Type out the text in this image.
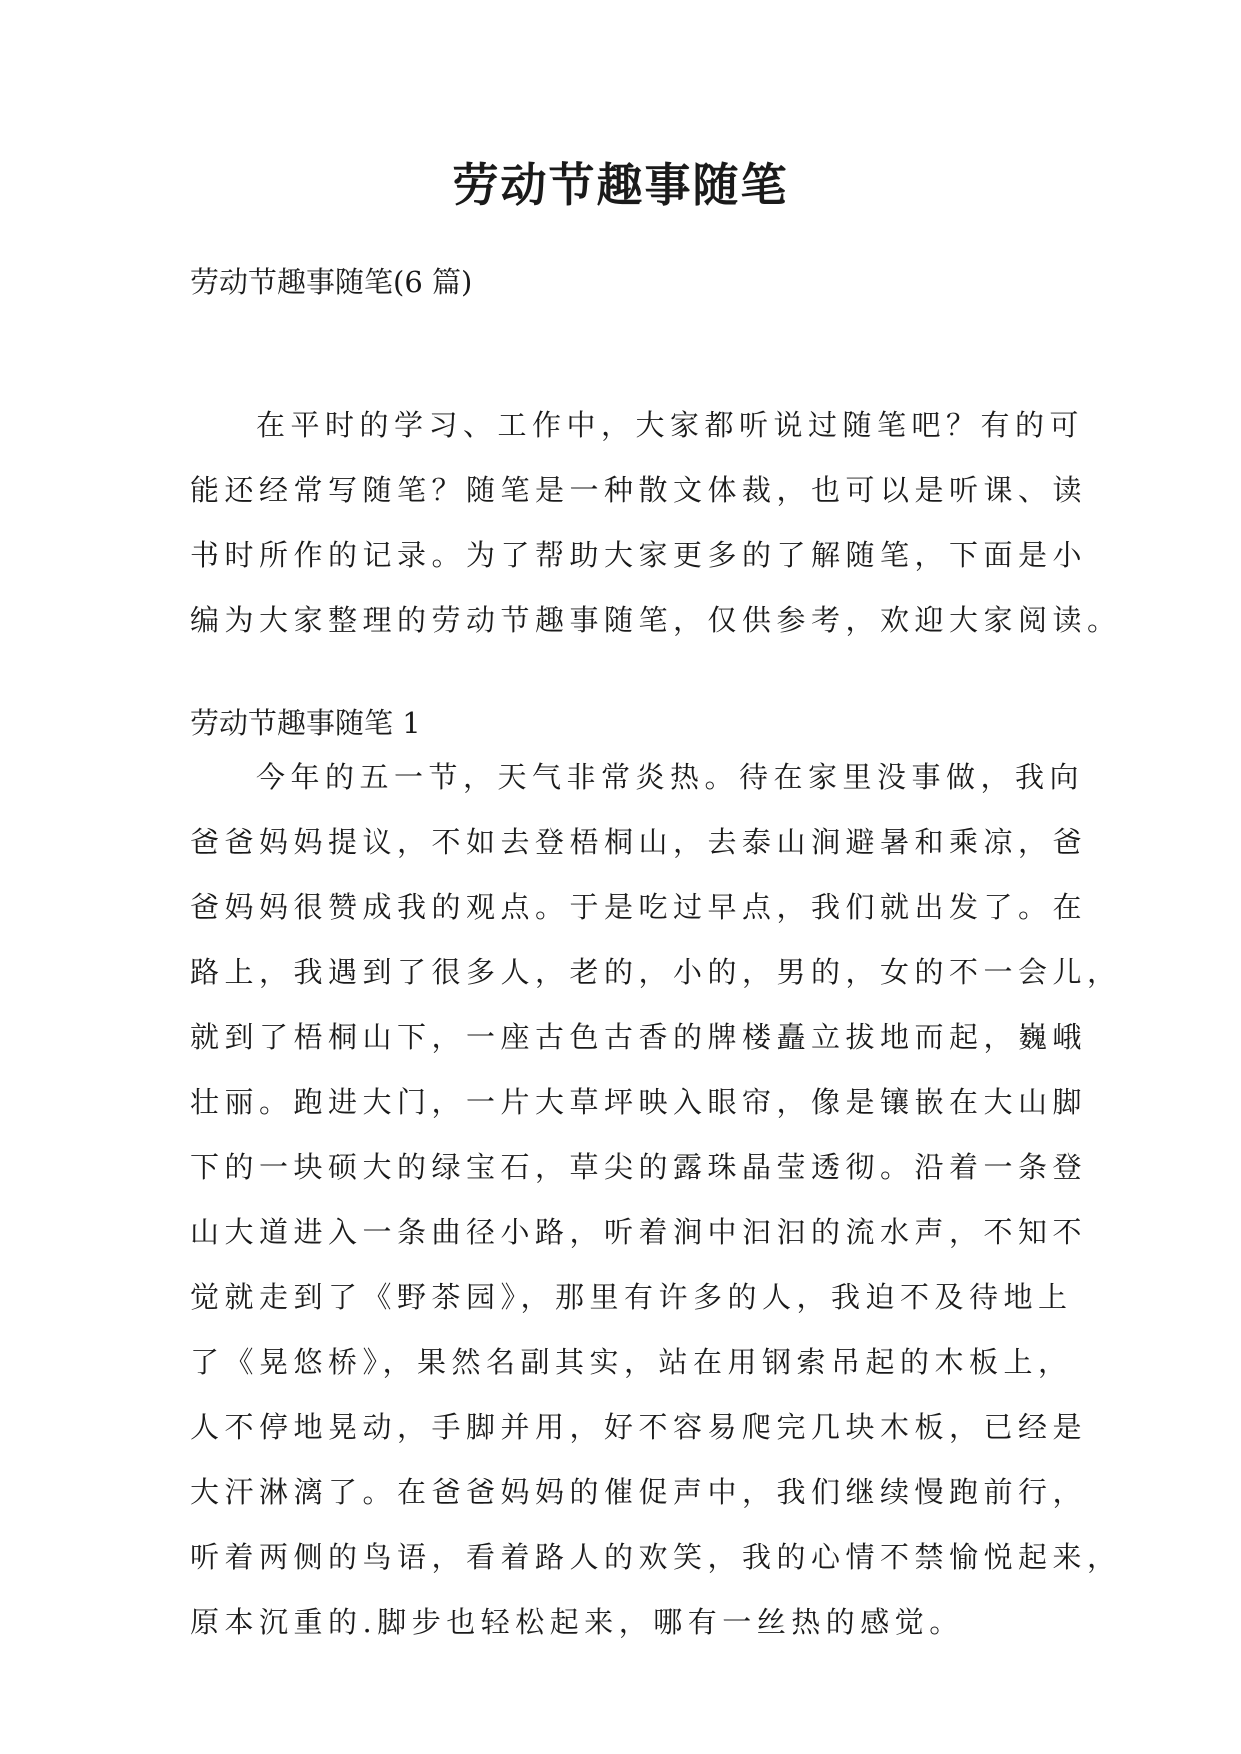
劳动节趣事随笔

劳动节趣事随笔(6 篇)

在平时的学习、工作中，大家都听说过随笔吧？有的可
能还经常写随笔？随笔是一种散文体裁，也可以是听课、读
书时所作的记录。为了帮助大家更多的了解随笔，下面是小
编为大家整理的劳动节趣事随笔，仅供参考，欢迎大家阅读。

劳动节趣事随笔 1

今年的五一节，天气非常炎热。待在家里没事做，我向
爸爸妈妈提议，不如去登梧桐山，去泰山涧避暑和乘凉，爸
爸妈妈很赞成我的观点。于是吃过早点，我们就出发了。在
路上，我遇到了很多人，老的，小的，男的，女的不一会儿，
就到了梧桐山下，一座古色古香的牌楼矗立拔地而起，巍峨
壮丽。跑进大门，一片大草坪映入眼帘，像是镶嵌在大山脚
下的一块硕大的绿宝石，草尖的露珠晶莹透彻。沿着一条登
山大道进入一条曲径小路，听着涧中汩汩的流水声，不知不
觉就走到了《野茶园》，那里有许多的人，我迫不及待地上
了《晃悠桥》，果然名副其实，站在用钢索吊起的木板上，
人不停地晃动，手脚并用，好不容易爬完几块木板，已经是
大汗淋漓了。在爸爸妈妈的催促声中，我们继续慢跑前行，
听着两侧的鸟语，看着路人的欢笑，我的心情不禁愉悦起来，
原本沉重的.脚步也轻松起来，哪有一丝热的感觉。
